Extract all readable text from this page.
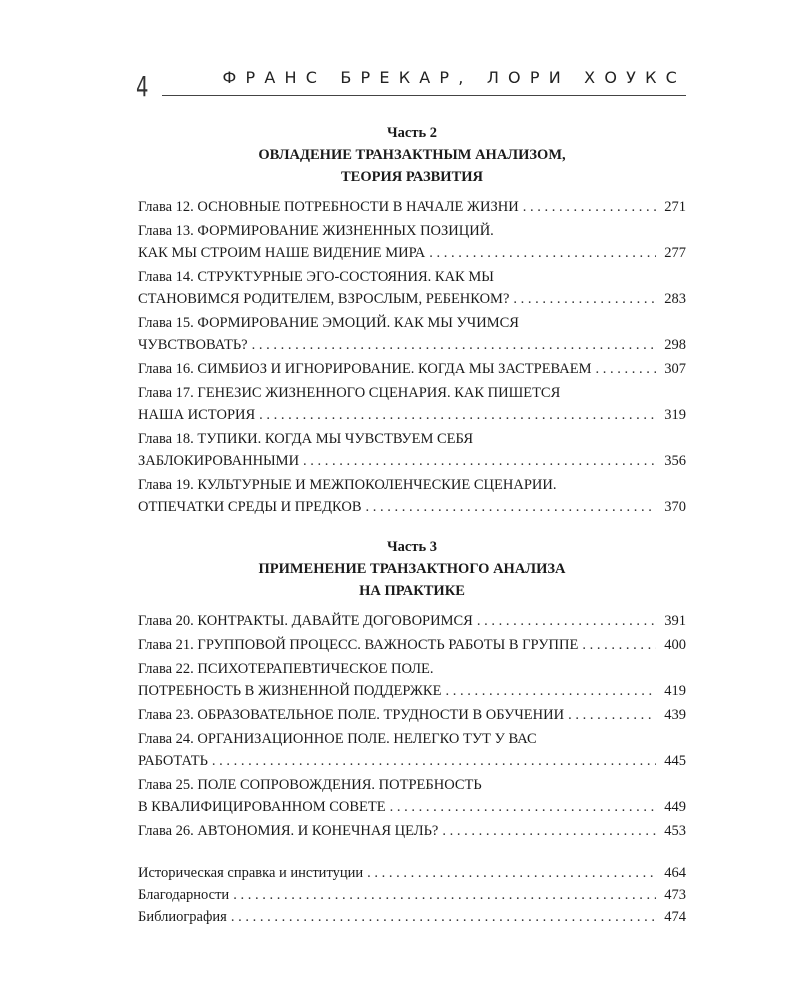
4	ФРАНС БРЕКАР, ЛОРИ ХОУКС
Часть 2
ОВЛАДЕНИЕ ТРАНЗАКТНЫМ АНАЛИЗОМ,
ТЕОРИЯ РАЗВИТИЯ
Глава 12. ОСНОВНЫЕ ПОТРЕБНОСТИ В НАЧАЛЕ ЖИЗНИ . . .	271
Глава 13. ФОРМИРОВАНИЕ ЖИЗНЕННЫХ ПОЗИЦИЙ.
КАК МЫ СТРОИМ НАШЕ ВИДЕНИЕ МИРА . . .	277
Глава 14. СТРУКТУРНЫЕ ЭГО-СОСТОЯНИЯ. КАК МЫ
СТАНОВИМСЯ РОДИТЕЛЕМ, ВЗРОСЛЫМ, РЕБЕНКОМ? . . .	283
Глава 15. ФОРМИРОВАНИЕ ЭМОЦИЙ. КАК МЫ УЧИМСЯ
ЧУВСТВОВАТЬ? . . .	298
Глава 16. СИМБИОЗ И ИГНОРИРОВАНИЕ. КОГДА МЫ ЗАСТРЕВАЕМ . . .	307
Глава 17. ГЕНЕЗИС ЖИЗНЕННОГО СЦЕНАРИЯ. КАК ПИШЕТСЯ
НАША ИСТОРИЯ . . .	319
Глава 18. ТУПИКИ. КОГДА МЫ ЧУВСТВУЕМ СЕБЯ
ЗАБЛОКИРОВАННЫМИ . . .	356
Глава 19. КУЛЬТУРНЫЕ И МЕЖПОКОЛЕНЧЕСКИЕ СЦЕНАРИИ.
ОТПЕЧАТКИ СРЕДЫ И ПРЕДКОВ . . .	370
Часть 3
ПРИМЕНЕНИЕ ТРАНЗАКТНОГО АНАЛИЗА
НА ПРАКТИКЕ
Глава 20. КОНТРАКТЫ. ДАВАЙТЕ ДОГОВОРИМСЯ . . .	391
Глава 21. ГРУППОВОЙ ПРОЦЕСС. ВАЖНОСТЬ РАБОТЫ В ГРУППЕ . . .	400
Глава 22. ПСИХОТЕРАПЕВТИЧЕСКОЕ ПОЛЕ.
ПОТРЕБНОСТЬ В ЖИЗНЕННОЙ ПОДДЕРЖКЕ . . .	419
Глава 23. ОБРАЗОВАТЕЛЬНОЕ ПОЛЕ. ТРУДНОСТИ В ОБУЧЕНИИ . . .	439
Глава 24. ОРГАНИЗАЦИОННОЕ ПОЛЕ. НЕЛЕГКО ТУТ У ВАС
РАБОТАТЬ . . .	445
Глава 25. ПОЛЕ СОПРОВОЖДЕНИЯ. ПОТРЕБНОСТЬ
В КВАЛИФИЦИРОВАННОМ СОВЕТЕ . . .	449
Глава 26. АВТОНОМИЯ. И КОНЕЧНАЯ ЦЕЛЬ? . . .	453
Историческая справка и институции . . .	464
Благодарности . . .	473
Библиография . . .	474
